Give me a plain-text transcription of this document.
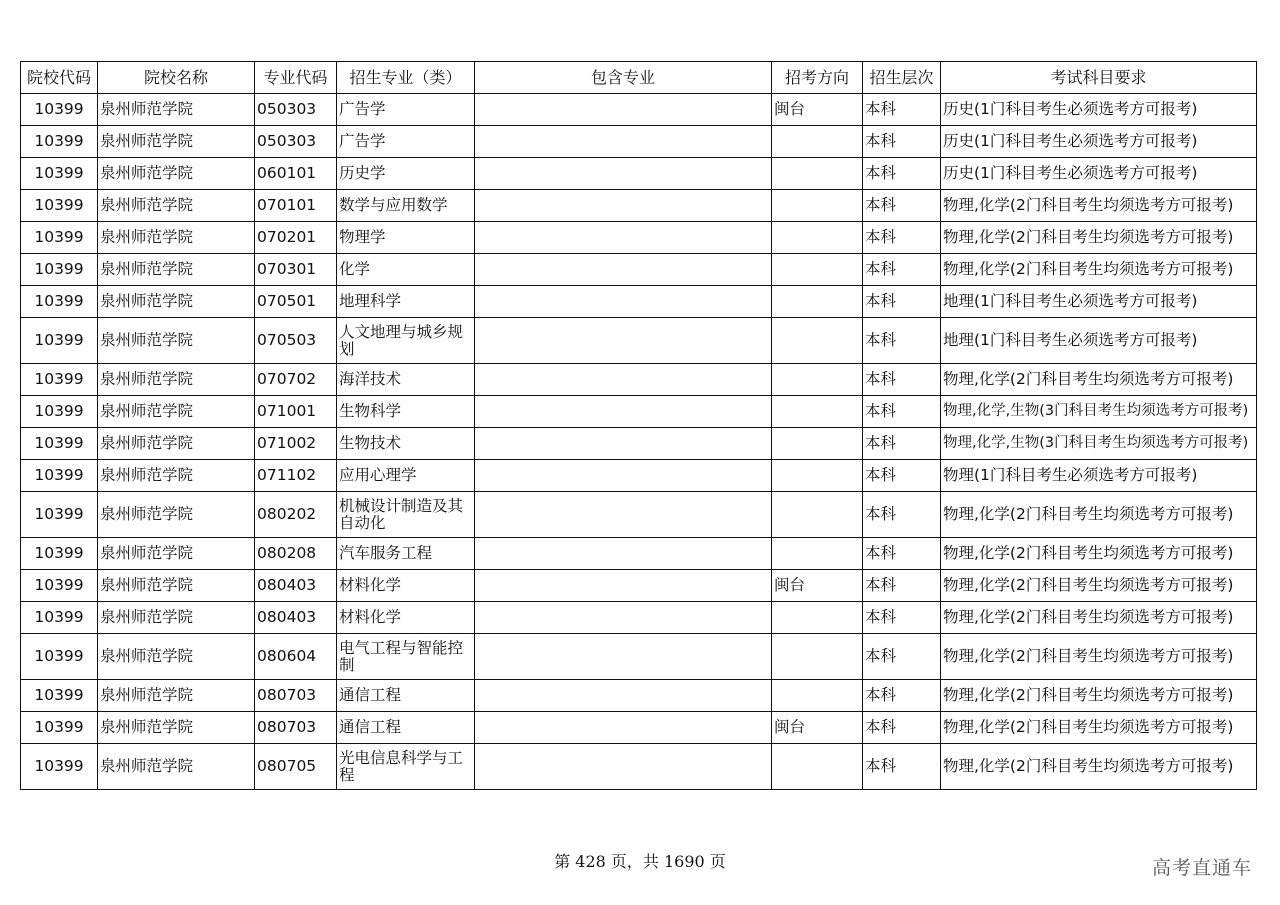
院校代码	院校名称	专业代码	招生专业（类）	包含专业	招考方向	招生层次	考试科目要求
10399	泉州师范学院	050303	广告学		闽台	本科	历史(1门科目考生必须选考方可报考)
10399	泉州师范学院	050303	广告学			本科	历史(1门科目考生必须选考方可报考)
10399	泉州师范学院	060101	历史学			本科	历史(1门科目考生必须选考方可报考)
10399	泉州师范学院	070101	数学与应用数学			本科	物理,化学(2门科目考生均须选考方可报考)
10399	泉州师范学院	070201	物理学			本科	物理,化学(2门科目考生均须选考方可报考)
10399	泉州师范学院	070301	化学			本科	物理,化学(2门科目考生均须选考方可报考)
10399	泉州师范学院	070501	地理科学			本科	地理(1门科目考生必须选考方可报考)
10399	泉州师范学院	070503	人文地理与城乡规划			本科	地理(1门科目考生必须选考方可报考)
10399	泉州师范学院	070702	海洋技术			本科	物理,化学(2门科目考生均须选考方可报考)
10399	泉州师范学院	071001	生物科学			本科	物理,化学,生物(3门科目考生均须选考方可报考)
10399	泉州师范学院	071002	生物技术			本科	物理,化学,生物(3门科目考生均须选考方可报考)
10399	泉州师范学院	071102	应用心理学			本科	物理(1门科目考生必须选考方可报考)
10399	泉州师范学院	080202	机械设计制造及其自动化			本科	物理,化学(2门科目考生均须选考方可报考)
10399	泉州师范学院	080208	汽车服务工程			本科	物理,化学(2门科目考生均须选考方可报考)
10399	泉州师范学院	080403	材料化学		闽台	本科	物理,化学(2门科目考生均须选考方可报考)
10399	泉州师范学院	080403	材料化学			本科	物理,化学(2门科目考生均须选考方可报考)
10399	泉州师范学院	080604	电气工程与智能控制			本科	物理,化学(2门科目考生均须选考方可报考)
10399	泉州师范学院	080703	通信工程			本科	物理,化学(2门科目考生均须选考方可报考)
10399	泉州师范学院	080703	通信工程		闽台	本科	物理,化学(2门科目考生均须选考方可报考)
10399	泉州师范学院	080705	光电信息科学与工程			本科	物理,化学(2门科目考生均须选考方可报考)
第 428 页，共 1690 页	高考直通车
